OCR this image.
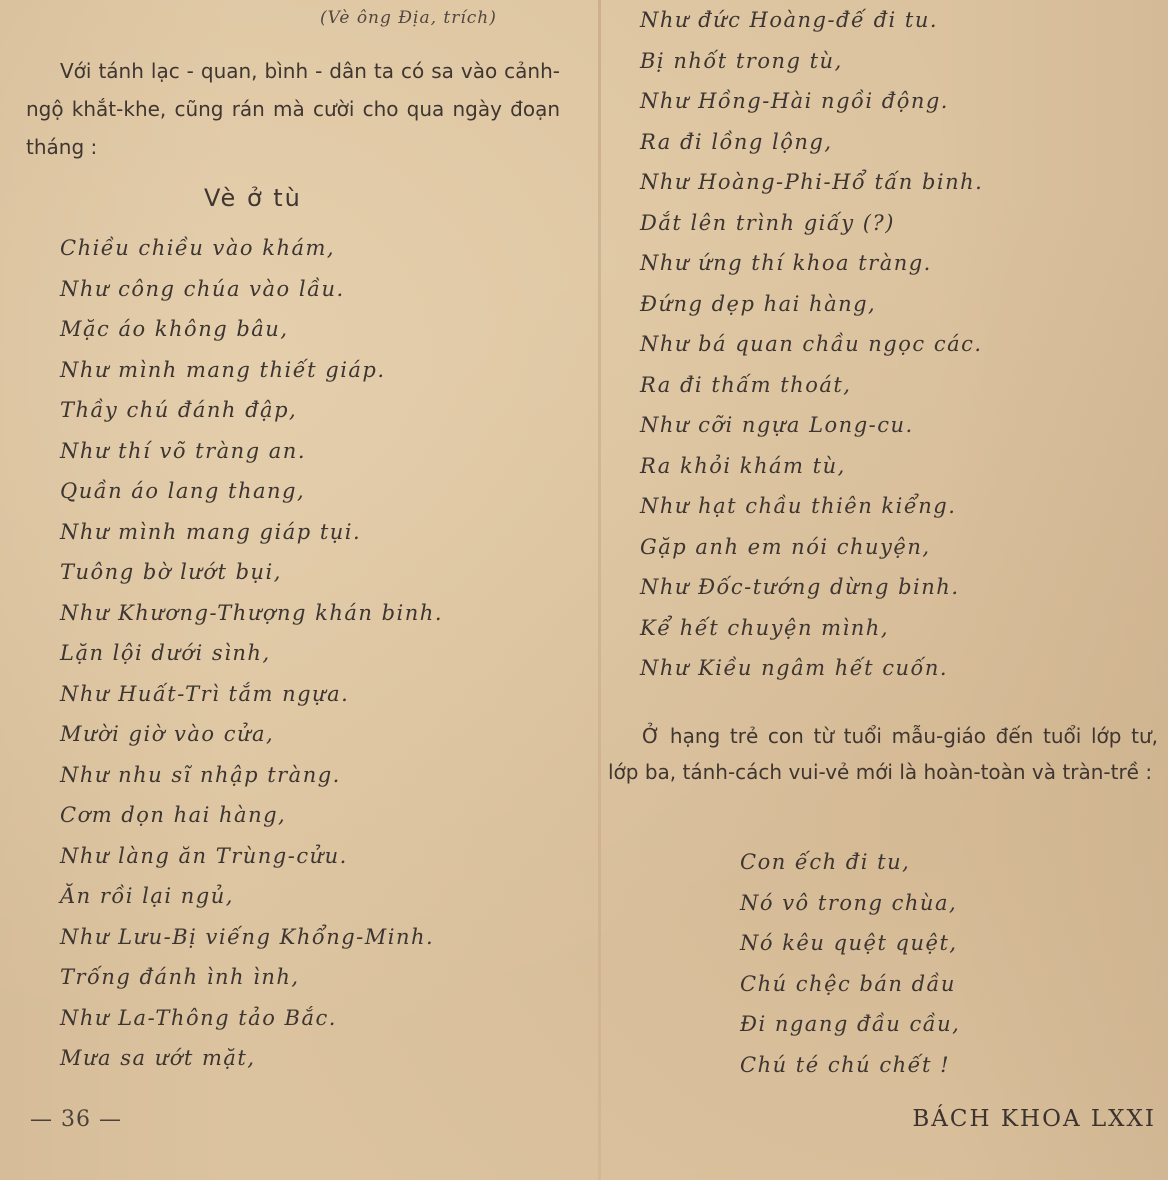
(Vè ông Địa, trích)
Với tánh lạc - quan, bình - dân ta có sa vào cảnh-ngộ khắt-khe, cũng rán mà cười cho qua ngày đoạn tháng :
Vè ở tù
Chiều chiều vào khám,
Như công chúa vào lầu.
Mặc áo không bâu,
Như mình mang thiết giáp.
Thầy chú đánh đập,
Như thí võ tràng an.
Quần áo lang thang,
Như mình mang giáp tụi.
Tuông bờ lướt bụi,
Như Khương-Thượng khán binh.
Lặn lội dưới sình,
Như Huất-Trì tắm ngựa.
Mười giờ vào cửa,
Như nhu sĩ nhập tràng.
Cơm dọn hai hàng,
Như làng ăn Trùng-cửu.
Ăn rồi lại ngủ,
Như Lưu-Bị viếng Khổng-Minh.
Trống đánh ình ình,
Như La-Thông tảo Bắc.
Mưa sa ướt mặt,
Như đức Hoàng-đế đi tu.
Bị nhốt trong tù,
Như Hồng-Hài ngồi động.
Ra đi lồng lộng,
Như Hoàng-Phi-Hổ tấn binh.
Dắt lên trình giấy (?)
Như ứng thí khoa tràng.
Đứng dẹp hai hàng,
Như bá quan chầu ngọc các.
Ra đi thấm thoát,
Như cỡi ngựa Long-cu.
Ra khỏi khám tù,
Như hạt chầu thiên kiểng.
Gặp anh em nói chuyện,
Như Đốc-tướng dừng binh.
Kể hết chuyện mình,
Như Kiều ngâm hết cuốn.
Ở hạng trẻ con từ tuổi mẫu-giáo đến tuổi lớp tư, lớp ba, tánh-cách vui-vẻ mới là hoàn-toàn và tràn-trề :
Con ếch đi tu,
Nó vô trong chùa,
Nó kêu quệt quệt,
Chú chệc bán dầu
Đi ngang đầu cầu,
Chú té chú chết !
— 36 —	BÁCH KHOA LXXI
